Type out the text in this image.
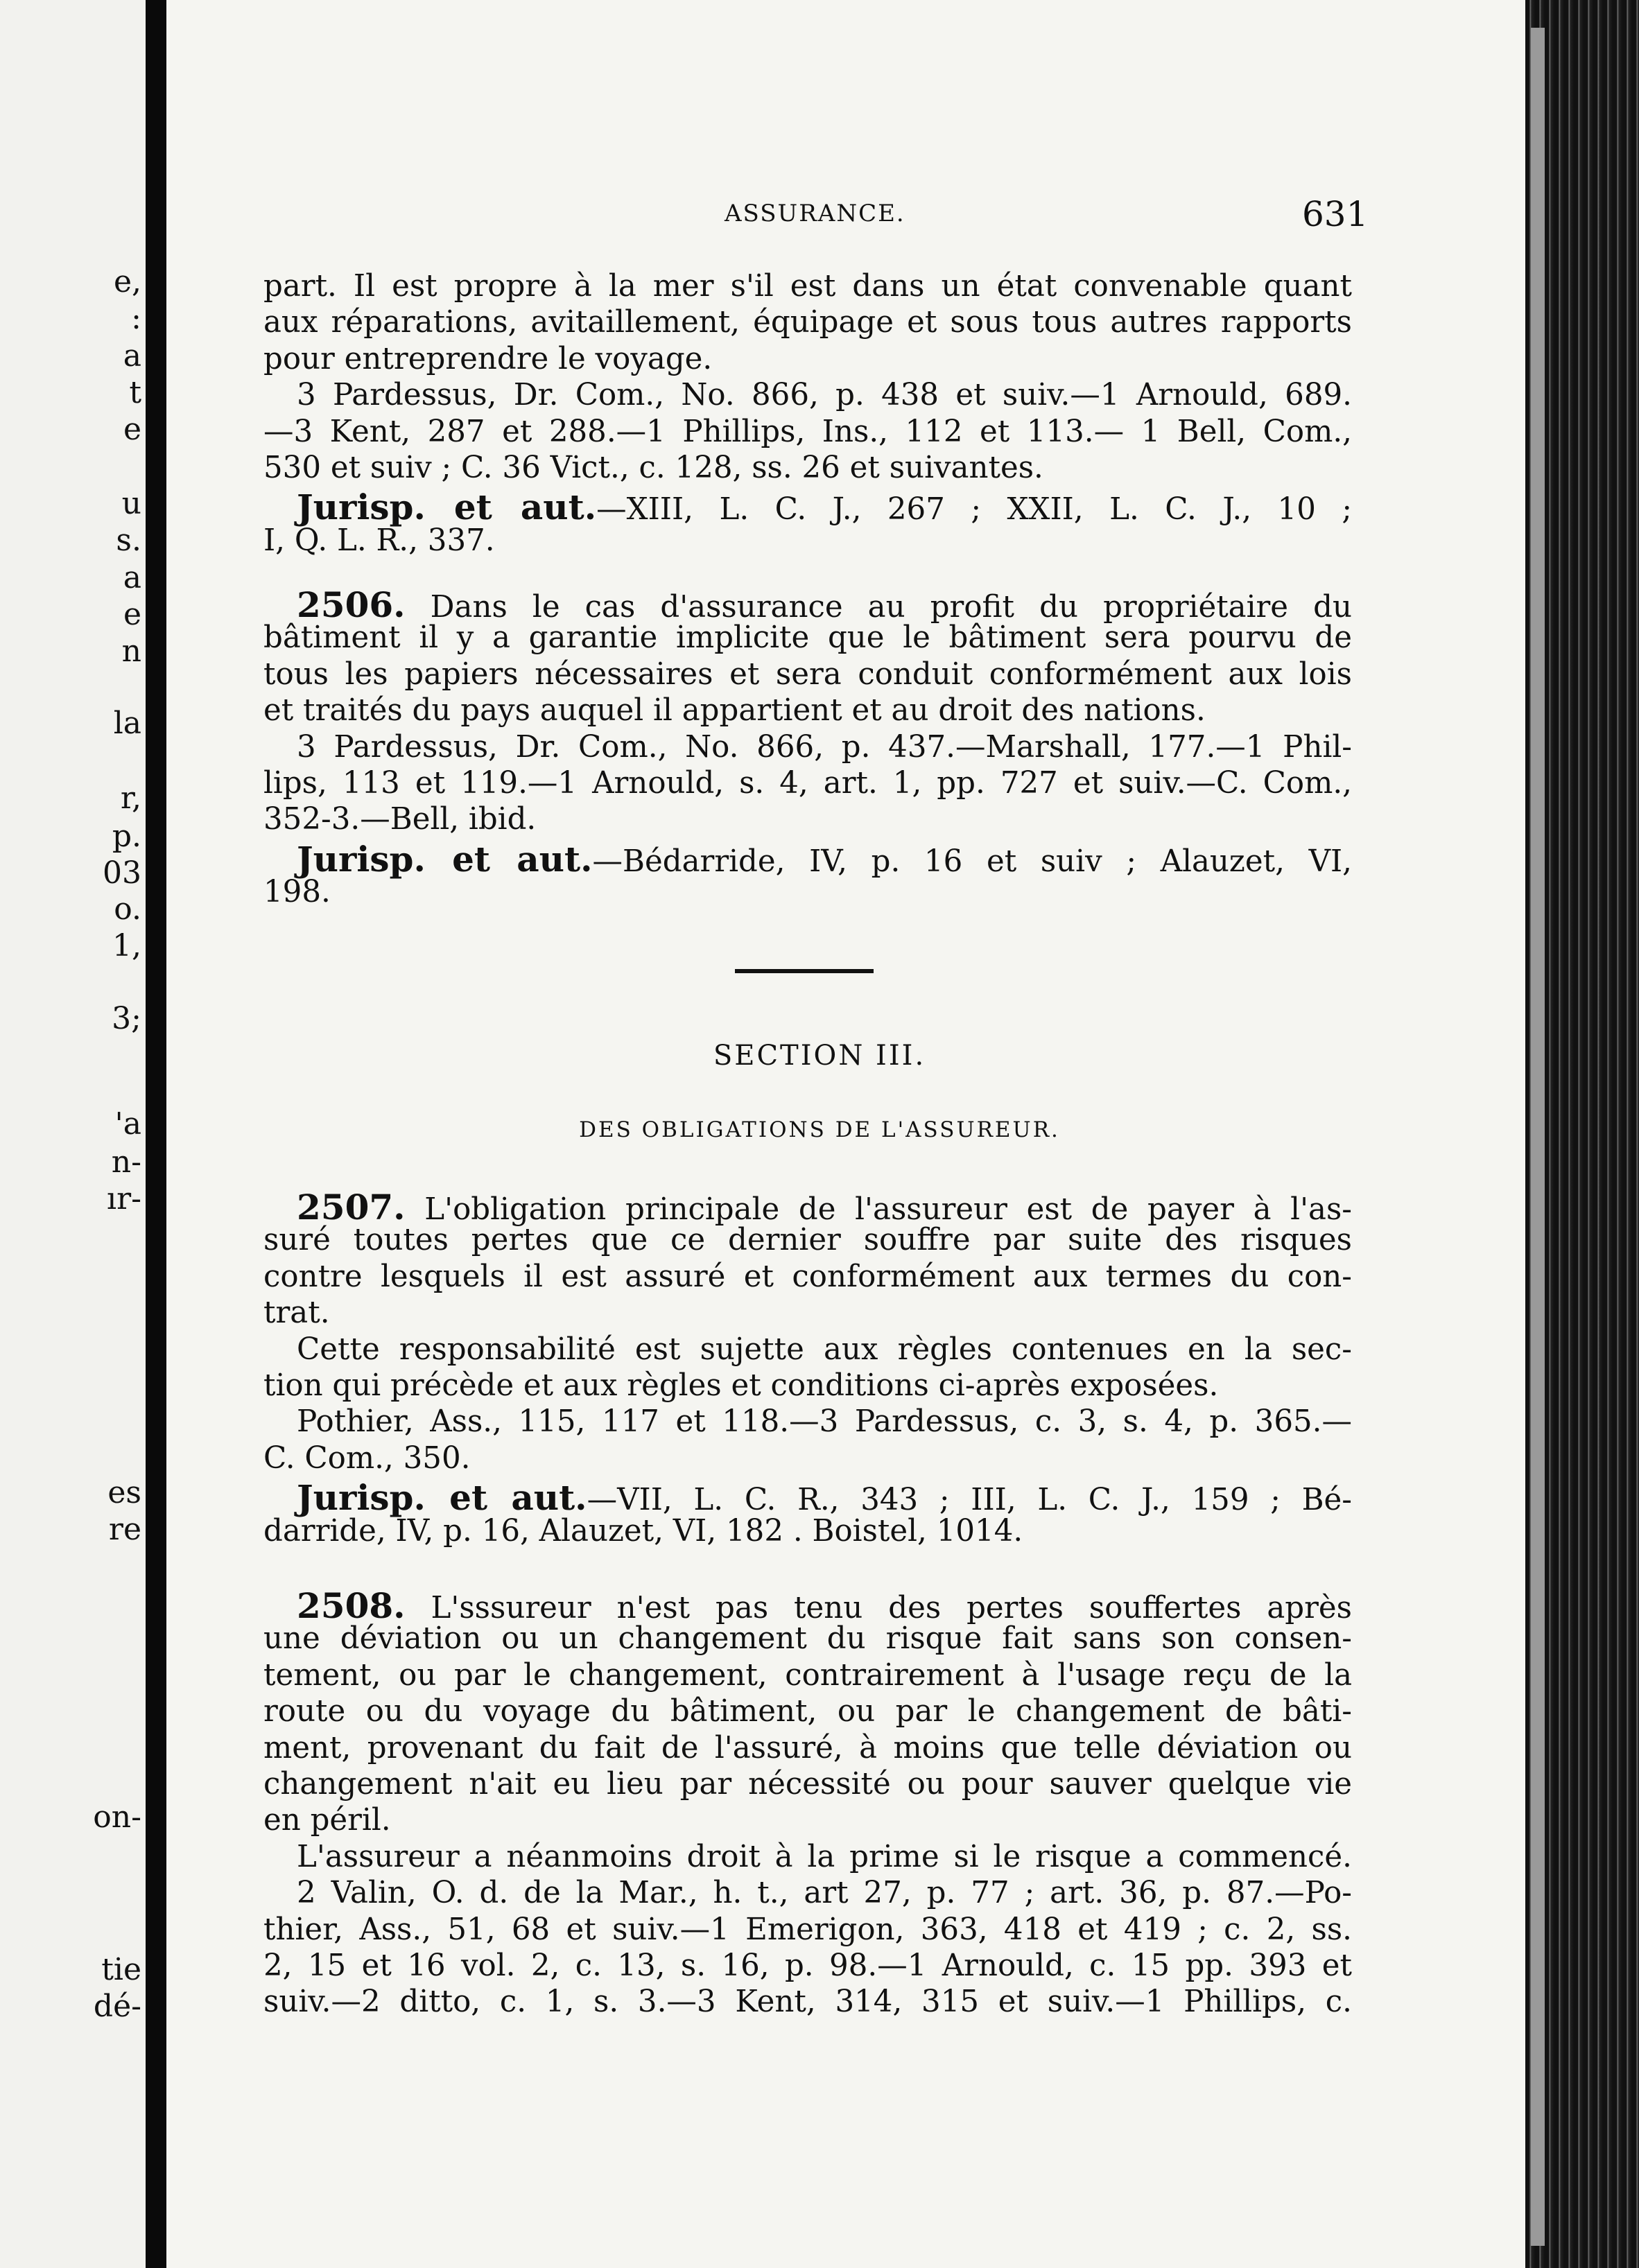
e,
:
a
t
e
u
s.
a
e
n
la
r,
p.
03
o.
1,
3;
'a
n-
ır-
es
re
on-
tie
dé-
ASSURANCE.	631
part. Il est propre à la mer s'il est dans un état convenable quant
aux réparations, avitaillement, équipage et sous tous autres rapports
pour entreprendre le voyage.
3 Pardessus, Dr. Com., No. 866, p. 438 et suiv.—1 Arnould, 689.
—3 Kent, 287 et 288.—1 Phillips, Ins., 112 et 113.— 1 Bell, Com.,
530 et suiv ; C. 36 Vict., c. 128, ss. 26 et suivantes.
Jurisp. et aut.—XIII, L. C. J., 267 ; XXII, L. C. J., 10 ;
I, Q. L. R., 337.
2506. Dans le cas d'assurance au profit du propriétaire du
bâtiment il y a garantie implicite que le bâtiment sera pourvu de
tous les papiers nécessaires et sera conduit conformément aux lois
et traités du pays auquel il appartient et au droit des nations.
3 Pardessus, Dr. Com., No. 866, p. 437.—Marshall, 177.—1 Phil-
lips, 113 et 119.—1 Arnould, s. 4, art. 1, pp. 727 et suiv.—C. Com.,
352-3.—Bell, ibid.
Jurisp. et aut.—Bédarride, IV, p. 16 et suiv ; Alauzet, VI,
198.
SECTION III.
DES OBLIGATIONS DE L'ASSUREUR.
2507. L'obligation principale de l'assureur est de payer à l'as-
suré toutes pertes que ce dernier souffre par suite des risques
contre lesquels il est assuré et conformément aux termes du con-
trat.
Cette responsabilité est sujette aux règles contenues en la sec-
tion qui précède et aux règles et conditions ci-après exposées.
Pothier, Ass., 115, 117 et 118.—3 Pardessus, c. 3, s. 4, p. 365.—
C. Com., 350.
Jurisp. et aut.—VII, L. C. R., 343 ; III, L. C. J., 159 ; Bé-
darride, IV, p. 16, Alauzet, VI, 182 . Boistel, 1014.
2508. L'sssureur n'est pas tenu des pertes souffertes après
une déviation ou un changement du risque fait sans son consen-
tement, ou par le changement, contrairement à l'usage reçu de la
route ou du voyage du bâtiment, ou par le changement de bâti-
ment, provenant du fait de l'assuré, à moins que telle déviation ou
changement n'ait eu lieu par nécessité ou pour sauver quelque vie
en péril.
L'assureur a néanmoins droit à la prime si le risque a commencé.
2 Valin, O. d. de la Mar., h. t., art 27, p. 77 ; art. 36, p. 87.—Po-
thier, Ass., 51, 68 et suiv.—1 Emerigon, 363, 418 et 419 ; c. 2, ss.
2, 15 et 16 vol. 2, c. 13, s. 16, p. 98.—1 Arnould, c. 15 pp. 393 et
suiv.—2 ditto, c. 1, s. 3.—3 Kent, 314, 315 et suiv.—1 Phillips, c.
